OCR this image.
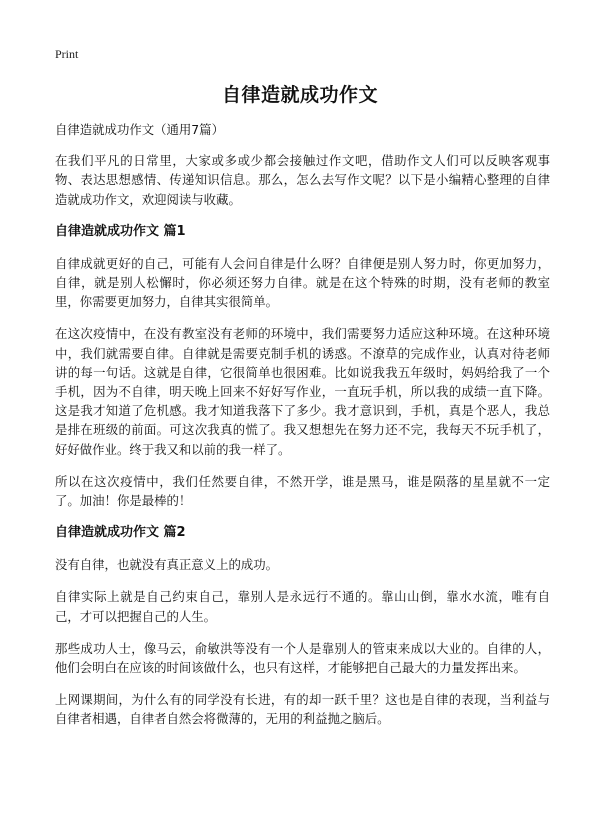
Print
自律造就成功作文

自律造就成功作文（通用7篇）

在我们平凡的日常里，大家或多或少都会接触过作文吧，借助作文人们可以反映客观事物、表达思想感情、传递知识信息。那么，怎么去写作文呢？以下是小编精心整理的自律造就成功作文，欢迎阅读与收藏。

自律造就成功作文 篇1

自律成就更好的自己，可能有人会问自律是什么呀？自律便是别人努力时，你更加努力，自律，就是别人松懈时，你必须还努力自律。就是在这个特殊的时期，没有老师的教室里，你需要更加努力，自律其实很简单。

在这次疫情中，在没有教室没有老师的环境中，我们需要努力适应这种环境。在这种环境中，我们就需要自律。自律就是需要克制手机的诱惑。不潦草的完成作业，认真对待老师讲的每一句话。这就是自律，它很简单也很困难。比如说我我五年级时，妈妈给我了一个手机，因为不自律，明天晚上回来不好好写作业，一直玩手机，所以我的成绩一直下降。这是我才知道了危机感。我才知道我落下了多少。我才意识到，手机，真是个恶人，我总是排在班级的前面。可这次我真的慌了。我又想想先在努力还不完，我每天不玩手机了，好好做作业。终于我又和以前的我一样了。

所以在这次疫情中，我们任然要自律，不然开学，谁是黑马，谁是陨落的星星就不一定了。加油！你是最棒的！

自律造就成功作文 篇2

没有自律，也就没有真正意义上的成功。

自律实际上就是自己约束自己，靠别人是永远行不通的。靠山山倒，靠水水流，唯有自己，才可以把握自己的人生。

那些成功人士，像马云，俞敏洪等没有一个人是靠别人的管束来成以大业的。自律的人，他们会明白在应该的时间该做什么，也只有这样，才能够把自己最大的力量发挥出来。

上网课期间，为什么有的同学没有长进，有的却一跃千里？这也是自律的表现，当利益与自律者相遇，自律者自然会将微薄的，无用的利益抛之脑后。
